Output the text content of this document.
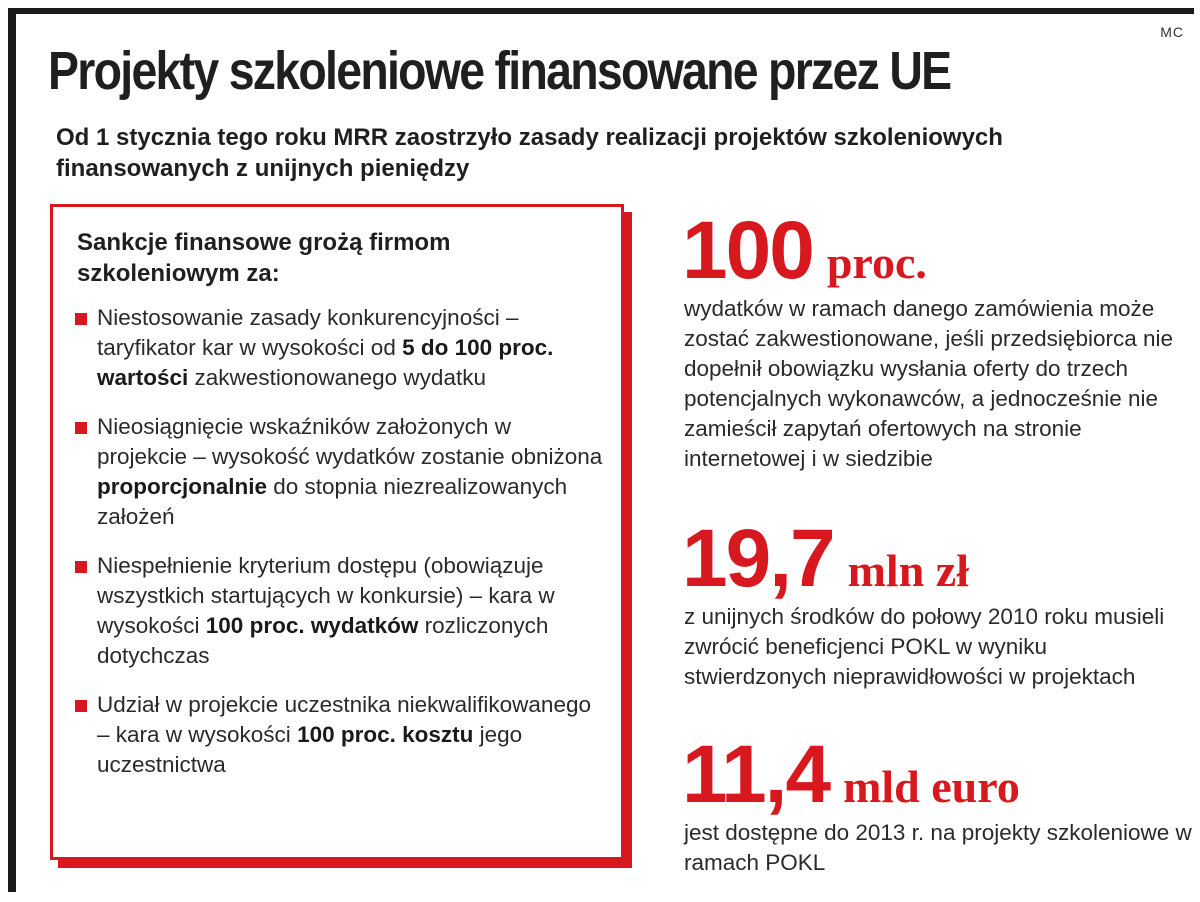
MC
Projekty szkoleniowe finansowane przez UE
Od 1 stycznia tego roku MRR zaostrzyło zasady realizacji projektów szkoleniowych finansowanych z unijnych pieniędzy
Sankcje finansowe grożą firmom szkoleniowym za:
Niestosowanie zasady konkurencyjności – taryfikator kar w wysokości od 5 do 100 proc. wartości zakwestionowanego wydatku
Nieosiągnięcie wskaźników założonych w projekcie – wysokość wydatków zostanie obniżona proporcjonalnie do stopnia niezrealizowanych założeń
Niespełnienie kryterium dostępu (obowiązuje wszystkich startujących w konkursie) – kara w wysokości 100 proc. wydatków rozliczonych dotychczas
Udział w projekcie uczestnika niekwalifikowanego – kara w wysokości 100 proc. kosztu jego uczestnictwa
100 proc.
wydatków w ramach danego zamówienia może zostać zakwestionowane, jeśli przedsiębiorca nie dopełnił obowiązku wysłania oferty do trzech potencjalnych wykonawców, a jednocześnie nie zamieścił zapytań ofertowych na stronie internetowej i w siedzibie
19,7 mln zł
z unijnych środków do połowy 2010 roku musieli zwrócić beneficjenci POKL w wyniku stwierdzonych nieprawidłowości w projektach
11,4 mld euro
jest dostępne do 2013 r. na projekty szkoleniowe w ramach POKL
